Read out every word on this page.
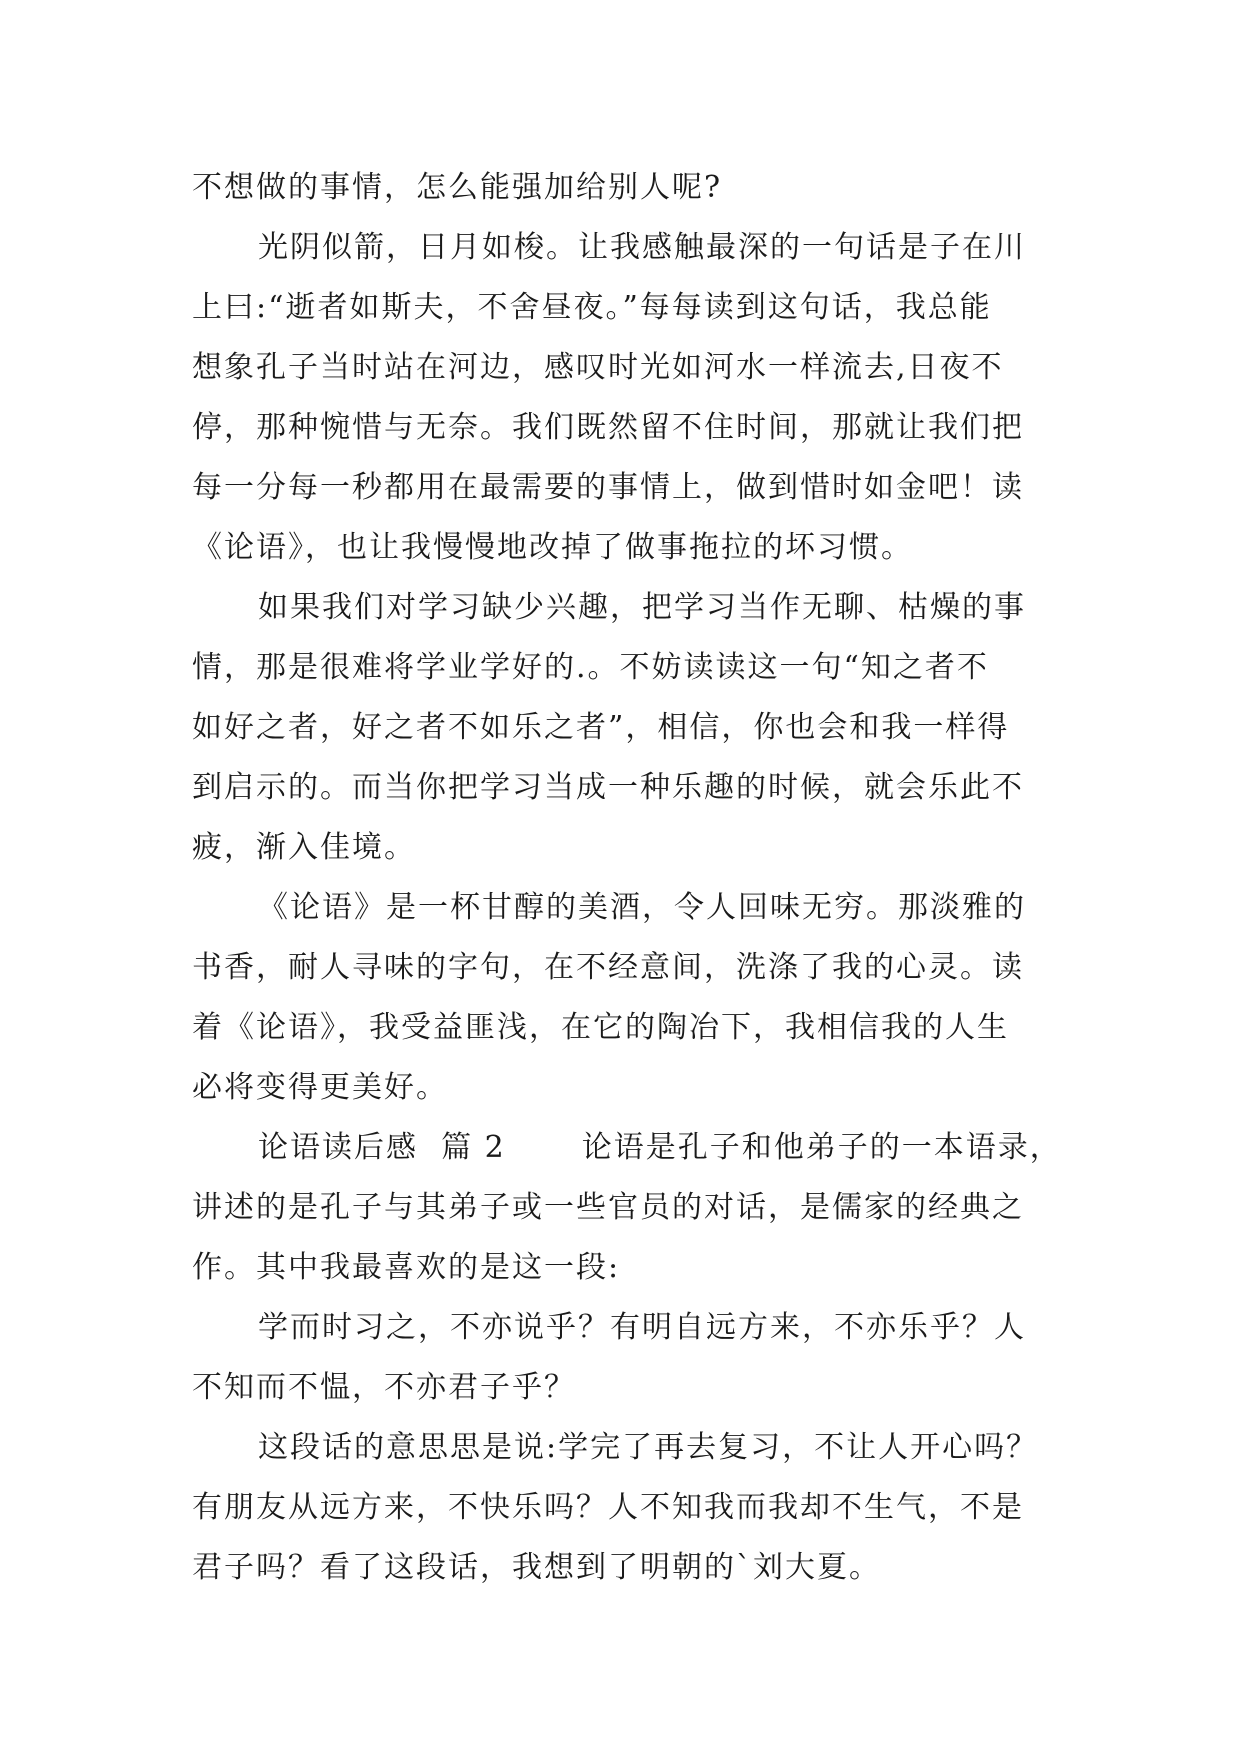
不想做的事情，怎么能强加给别人呢?

光阴似箭，日月如梭。让我感触最深的一句话是子在川
上曰:“逝者如斯夫，不舍昼夜。”每每读到这句话，我总能
想象孔子当时站在河边，感叹时光如河水一样流去,日夜不
停，那种惋惜与无奈。我们既然留不住时间，那就让我们把
每一分每一秒都用在最需要的事情上，做到惜时如金吧！读
《论语》，也让我慢慢地改掉了做事拖拉的坏习惯。

如果我们对学习缺少兴趣，把学习当作无聊、枯燥的事
情，那是很难将学业学好的.。不妨读读这一句“知之者不
如好之者，好之者不如乐之者”，相信，你也会和我一样得
到启示的。而当你把学习当成一种乐趣的时候，就会乐此不
疲，渐入佳境。

《论语》是一杯甘醇的美酒，令人回味无穷。那淡雅的
书香，耐人寻味的字句，在不经意间，洗涤了我的心灵。读
着《论语》，我受益匪浅，在它的陶冶下，我相信我的人生
必将变得更美好。

论语读后感  篇 2	论语是孔子和他弟子的一本语录，
讲述的是孔子与其弟子或一些官员的对话，是儒家的经典之
作。其中我最喜欢的是这一段:

学而时习之，不亦说乎？有明自远方来，不亦乐乎？人
不知而不愠，不亦君子乎？

这段话的意思思是说:学完了再去复习，不让人开心吗？
有朋友从远方来，不快乐吗？人不知我而我却不生气，不是
君子吗？看了这段话，我想到了明朝的`刘大夏。
